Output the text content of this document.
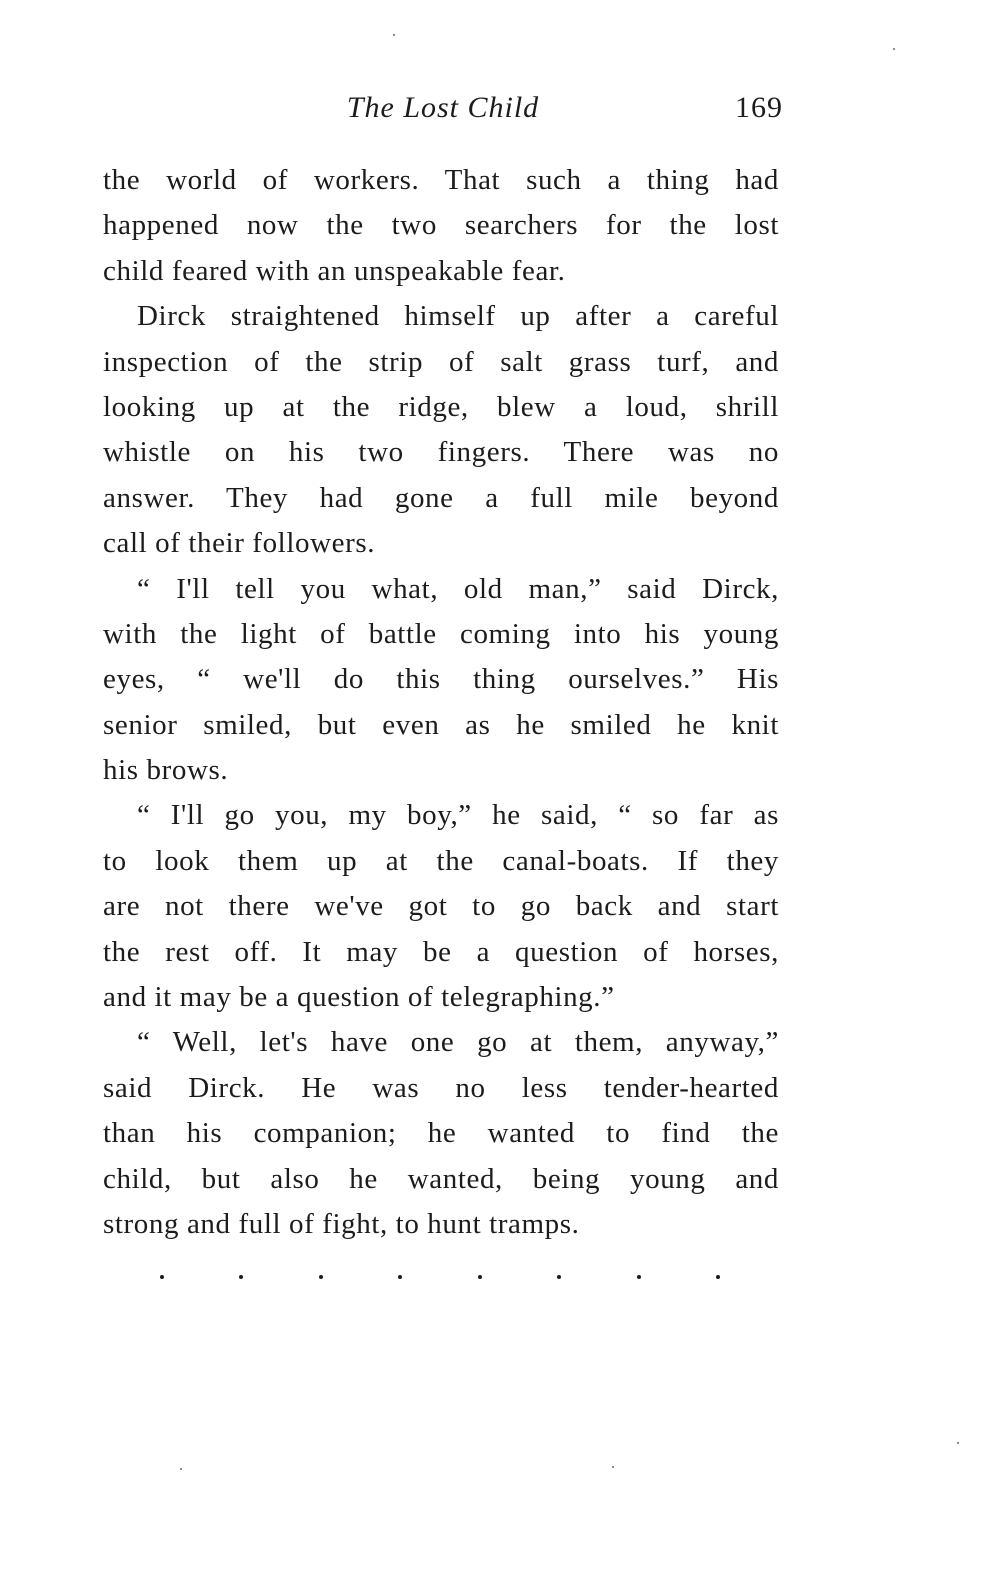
The Lost Child	169
the world of workers. That such a thing had
happened now the two searchers for the lost
child feared with an unspeakable fear.
Dirck straightened himself up after a careful
inspection of the strip of salt grass turf, and
looking up at the ridge, blew a loud, shrill
whistle on his two fingers. There was no
answer. They had gone a full mile beyond
call of their followers.
“ I'll tell you what, old man,” said Dirck,
with the light of battle coming into his young
eyes, “ we'll do this thing ourselves.” His
senior smiled, but even as he smiled he knit
his brows.
“ I'll go you, my boy,” he said, “ so far as
to look them up at the canal-boats. If they
are not there we've got to go back and start
the rest off. It may be a question of horses,
and it may be a question of telegraphing.”
“ Well, let's have one go at them, anyway,”
said Dirck. He was no less tender-hearted
than his companion; he wanted to find the
child, but also he wanted, being young and
strong and full of fight, to hunt tramps.
